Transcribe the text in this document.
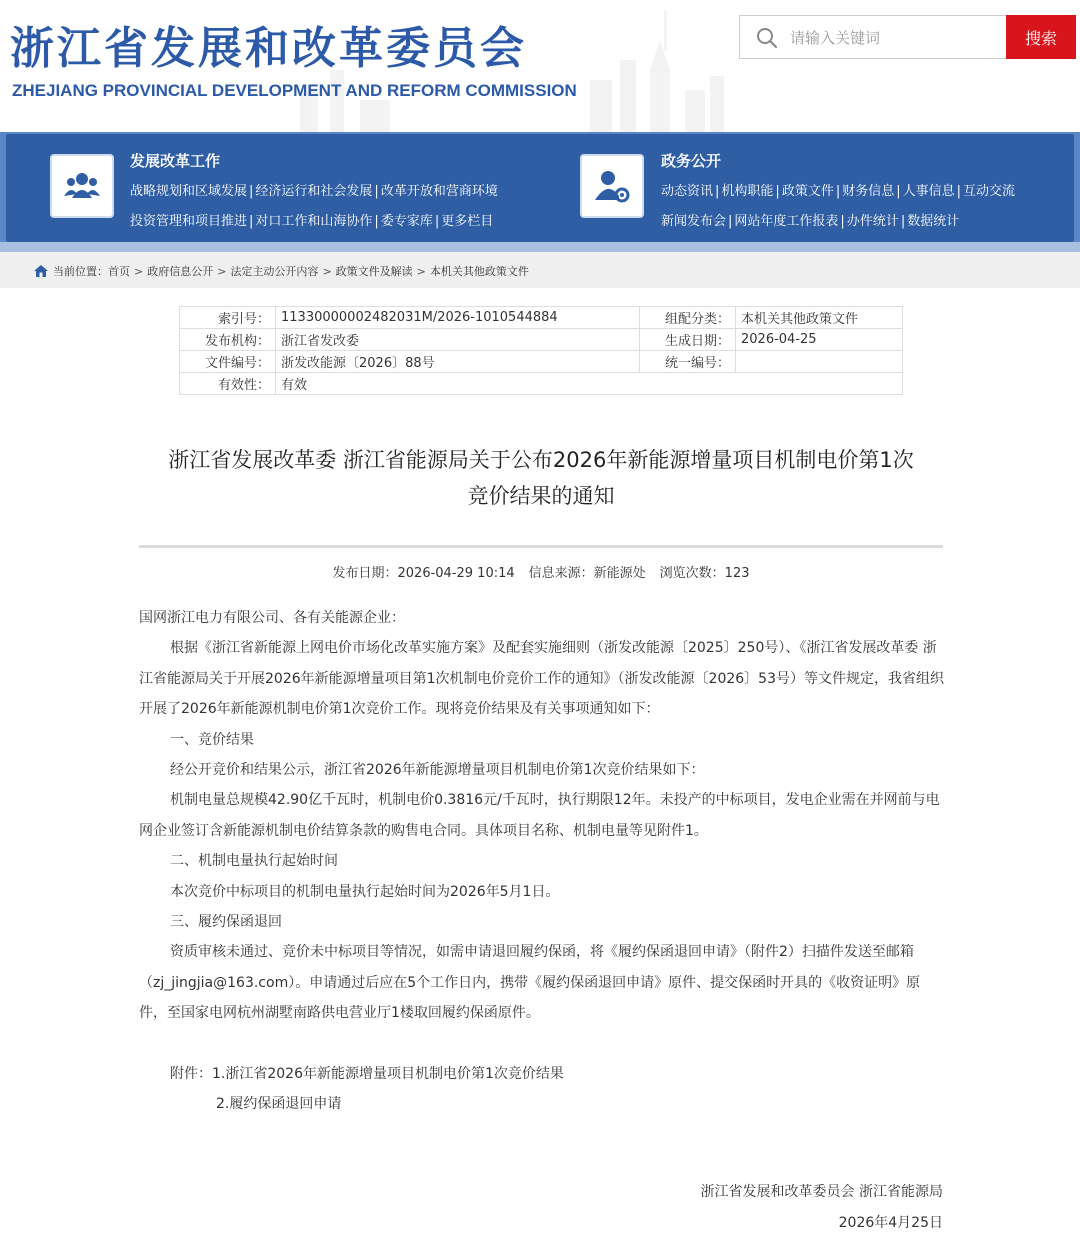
浙江省发展和改革委员会
ZHEJIANG PROVINCIAL DEVELOPMENT AND REFORM COMMISSION
请输入关键词
搜索
发展改革工作
战略规划和区域发展 | 经济运行和社会发展 | 改革开放和营商环境
投资管理和项目推进 | 对口工作和山海协作 | 委专家库 | 更多栏目
政务公开
动态资讯 | 机构职能 | 政策文件 | 财务信息 | 人事信息 | 互动交流
新闻发布会 | 网站年度工作报表 | 办件统计 | 数据统计
当前位置：首页 > 政府信息公开 > 法定主动公开内容 > 政策文件及解读 > 本机关其他政策文件
索引号：	11330000002482031M/2026-1010544884	组配分类：	本机关其他政策文件
发布机构：	浙江省发改委	生成日期：	2026-04-25
文件编号：	浙发改能源〔2026〕88号	统一编号：	
有效性：	有效		
浙江省发展改革委 浙江省能源局关于公布2026年新能源增量项目机制电价第1次
竞价结果的通知
发布日期：2026-04-29 10:14 信息来源：新能源处 浏览次数：123

国网浙江电力有限公司、各有关能源企业：

根据《浙江省新能源上网电价市场化改革实施方案》及配套实施细则（浙发改能源〔2025〕250号）、《浙江省发展改革委 浙江省能源局关于开展2026年新能源增量项目第1次机制电价竞价工作的通知》（浙发改能源〔2026〕53号）等文件规定，我省组织开展了2026年新能源机制电价第1次竞价工作。现将竞价结果及有关事项通知如下：

一、竞价结果

经公开竞价和结果公示，浙江省2026年新能源增量项目机制电价第1次竞价结果如下：

机制电量总规模42.90亿千瓦时，机制电价0.3816元/千瓦时，执行期限12年。未投产的中标项目，发电企业需在并网前与电网企业签订含新能源机制电价结算条款的购售电合同。具体项目名称、机制电量等见附件1。

二、机制电量执行起始时间

本次竞价中标项目的机制电量执行起始时间为2026年5月1日。

三、履约保函退回

资质审核未通过、竞价未中标项目等情况，如需申请退回履约保函，将《履约保函退回申请》（附件2）扫描件发送至邮箱（zj_jingjia@163.com）。申请通过后应在5个工作日内，携带《履约保函退回申请》原件、提交保函时开具的《收资证明》原件，至国家电网杭州湖墅南路供电营业厅1楼取回履约保函原件。

附件：1.浙江省2026年新能源增量项目机制电价第1次竞价结果

2.履约保函退回申请

浙江省发展和改革委员会 浙江省能源局
2026年4月25日
